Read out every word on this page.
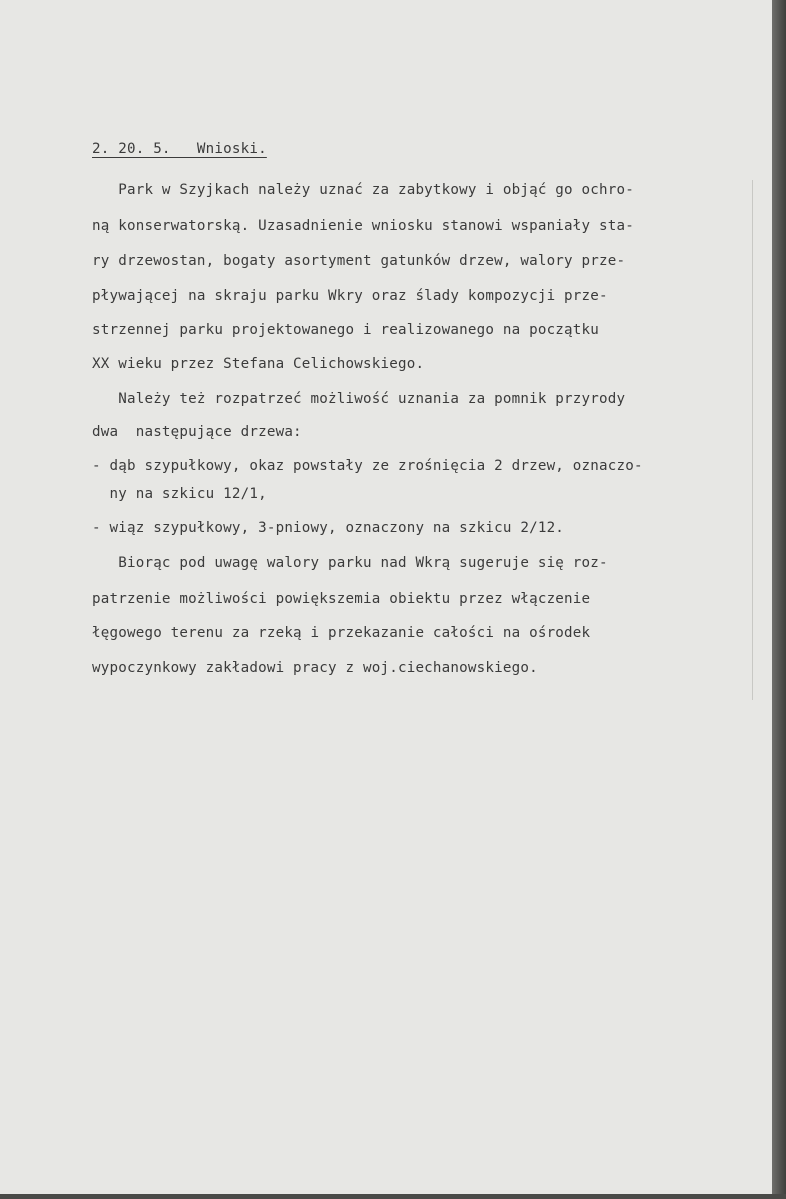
2. 20. 5.   Wnioski.
Park w Szyjkach należy uznać za zabytkowy i objąć go ochro-
ną konserwatorską. Uzasadnienie wniosku stanowi wspaniały sta-
ry drzewostan, bogaty asortyment gatunków drzew, walory prze-
pływającej na skraju parku Wkry oraz ślady kompozycji prze-
strzennej parku projektowanego i realizowanego na początku
XX wieku przez Stefana Celichowskiego.
Należy też rozpatrzeć możliwość uznania za pomnik przyrody
dwa  następujące drzewa:
- dąb szypułkowy, okaz powstały ze zrośnięcia 2 drzew, oznaczo-
ny na szkicu 12/1,
- wiąz szypułkowy, 3-pniowy, oznaczony na szkicu 2/12.
Biorąc pod uwagę walory parku nad Wkrą sugeruje się roz-
patrzenie możliwości powiększemia obiektu przez włączenie
łęgowego terenu za rzeką i przekazanie całości na ośrodek
wypoczynkowy zakładowi pracy z woj.ciechanowskiego.
